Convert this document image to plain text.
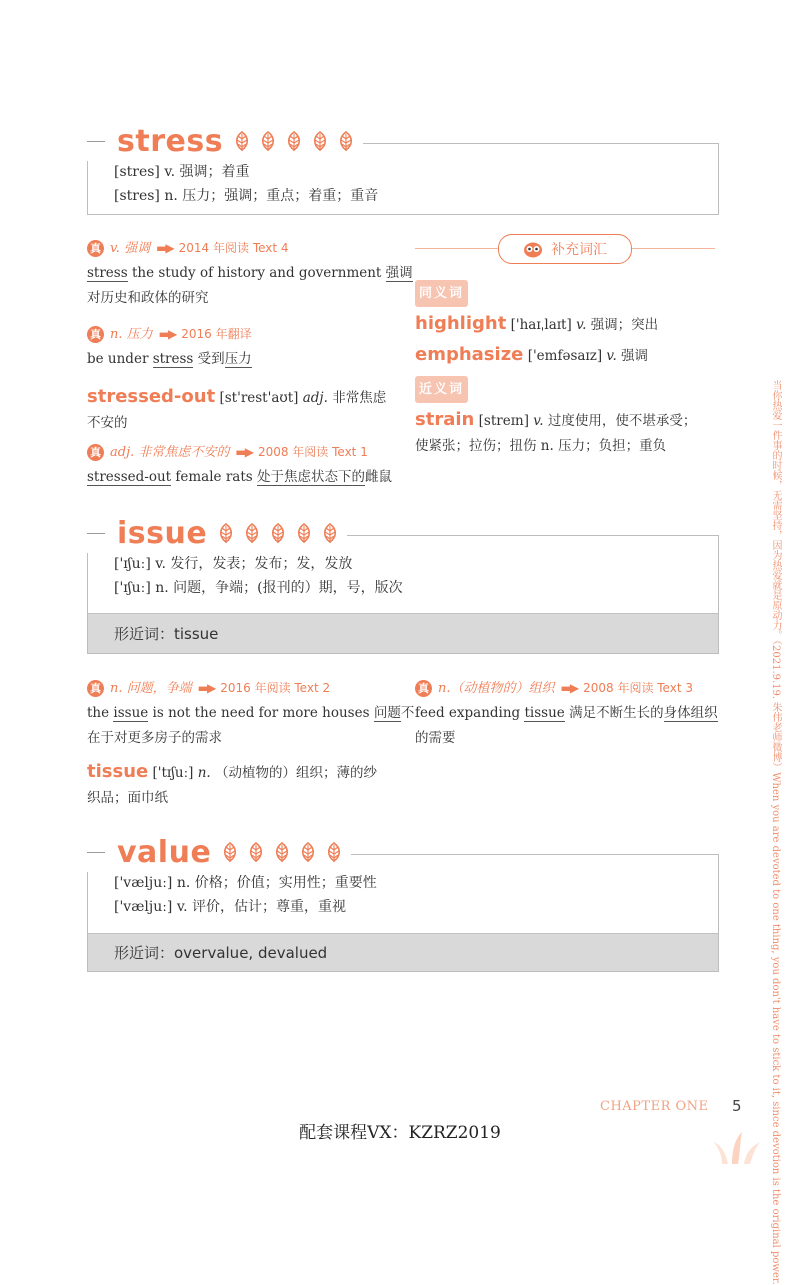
[stres] v. 强调；着重
[stres] n. 压力；强调；重点；着重；重音
stress
真 v. 强调 ▬▶ 2014 年阅读 Text 4
stress the study of history and government 强调
对历史和政体的研究
真 n. 压力 ▬▶ 2016 年翻译
be under stress 受到压力
stressed-out [st'rest'aʊt] adj. 非常焦虑
不安的
真 adj. 非常焦虑不安的 ▬▶ 2008 年阅读 Text 1
stressed-out female rats 处于焦虑状态下的雌鼠
补充词汇
同义词
highlight ['haɪˌlaɪt] v. 强调；突出
emphasize ['emfəsaɪz] v. 强调
近义词
strain [streɪn] v. 过度使用，使不堪承受；
使紧张；拉伤；扭伤 n. 压力；负担；重负
['ɪʃuː] v. 发行，发表；发布；发，发放
['ɪʃuː] n. 问题，争端；(报刊的）期，号，版次
形近词：tissue
issue
真 n. 问题，争端 ▬▶ 2016 年阅读 Text 2
the issue is not the need for more houses 问题不
在于对更多房子的需求
真 n.（动植物的）组织 ▬▶ 2008 年阅读 Text 3
feed expanding tissue 满足不断生长的身体组织
的需要
tissue ['tɪʃuː] n. （动植物的）组织；薄的纱
织品；面巾纸
['væljuː] n. 价格；价值；实用性；重要性
['væljuː] v. 评价，估计；尊重，重视
形近词：overvalue, devalued
value	当你热爱一件事的时候，无需坚持，因为热爱就是原动力。（2021.9.19. 朱伟老师微博）When you are devoted to one thing, you don't have to stick to it, since devotion is the original power.
CHAPTER ONE 5
配套课程VX：KZRZ2019
